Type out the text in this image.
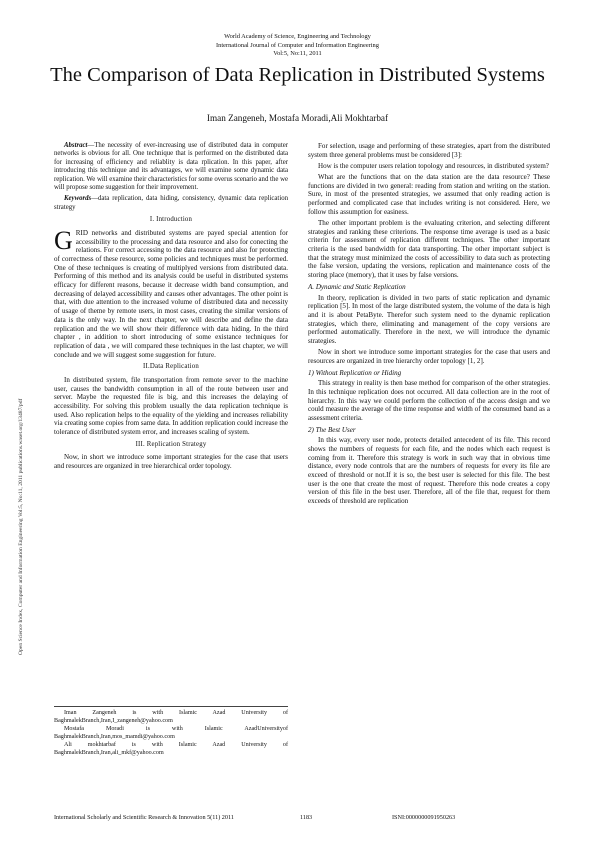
World Academy of Science, Engineering and Technology
International Journal of Computer and Information Engineering
Vol:5, No:11, 2011
The Comparison of Data Replication in Distributed Systems
Iman Zangeneh, Mostafa Moradi,Ali Mokhtarbaf
Open Science Index, Computer and Information Engineering Vol:5, No:11, 2011 publications.waset.org/13487/pdf

Abstract—The necessity of ever-increasing use of distributed data in computer networks is obvious for all. One technique that is performed on the distributed data for increasing of efficiency and reliablity is data rplication. In this paper, after introducing this technique and its advantages, we will examine some dynamic data replication. We will examine their characteristics for some overus scenario and the we will propose some suggestion for their improvement.

Keywords—data replication, data hiding, consistency, dynamic data replication strategy

I. Introduction

GRID networks and distributed systems are payed special attention for accessibility to the processing and data resource and also for conecting the relations. For correct accessing to the data resource and also for protecting of correctness of these resource, some policies and techniques must be performed. One of these techniques is creating of multiplyed versions from distributed data. Performing of this method and its analysis could be useful in distributed systems efficacy for different reasons, because it decrease width band consumption, and decreasing of delayed accessibility and causes other advantages. The other point is that, with due attention to the increased volume of distributed data and necessity of usage of theme by remote users, in most cases, creating the similar versions of data is the only way. In the next chapter, we will describe and define the data replication and the we will show their difference with data hiding. In the third chapter , in addition to short introducing of some existance techniques for replication of data , we will compared these techniques in the last chapter, we will conclude and we will suggest some suggestion for future.

II.Data Replication

In distributed system, file transportation from remote sever to the machine user, causes the bandwidth consumption in all of the route between user and server. Maybe the requested file is big, and this increases the delaying of accessibility. For solving this problem usually the data replication technique is used. Also replication helps to the equality of the yielding and increases reliability via creating some copies from same data. In addition replication could increase the tolerance of distributed system error, and increases scaling of system.

III. Replication Strategy

Now, in short we introduce some important strategies for the case that users and resources are organized in tree hierarchical order topology.

Iman Zangeneh is with Islamic Azad University of BaghmalekBranch,Iran,I_zangeneh@yahoo.com

Mostafa Moradi is with Islamic AzadUniversityof BaghmalekBranch,Iran,mos_mamdi@yahoo.com

Ali mokhtarbaf is with Islamic Azad University of BaghmalekBranch,Iran,ali_mkf@yahoo.com

For selection, usage and performing of these strategies, apart from the distributed system three general problems must be considered [3]:

How is the computer users relation topology and resources, in distributed system?

What are the functions that on the data station are the data resource? These functions are divided in two general: reading from station and writing on the station. Sure, in most of the presented strategies, we assumed that only reading action is performed and complicated case that includes writing is not considered. Here, we follow this assumption for easiness.

The other important problem is the evaluating criterion, and selecting different strategies and ranking these criterions. The response time average is used as a basic criterin for assessment of replication different techniques. The other important criteria is the used bandwidth for data transporting. The other important subject is that the strategy must minimized the costs of accessibility to data such as protecting the false version, updating the versions, replication and maintenance costs of the storing place (memory), that it uses by false versions.

A. Dynamic and Static Replication

In theory, replication is divided in two parts of static replication and dynamic replication [5]. In most of the large distributed system, the volume of the data is high and it is about PetaByte. Therefor such system need to the dynamic replication strategies, which there, eliminating and management of the copy versions are performed automatically. Therefore in the next, we will introduce the dynamic strategies.

Now in short we introduce some important strategies for the case that users and resources are organized in tree hierarchy order topology [1, 2].

1) Without Replication or Hiding

This strategy in reality is then base method for comparison of the other strategies. In this technique replication does not occurred. All data collection are in the root of hierarchy. In this way we could perform the collection of the access design and we could measure the average of the time response and width of the consumed band as a assessment criteria.

2) The Best User

In this way, every user node, protects detailed antecedent of its file. This record shows the numbers of requests for each file, and the nodes which each request is coming from it. Therefore this strategy is work in such way that in obvious time distance, every node controls that are the numbers of requests for every its file are exceed of threshold or not.If it is so, the best user is selected for this file. The best user is the one that create the most of request. Therefore this node creates a copy version of this file in the best user. Therefore, all of the file that, request for them exceeds of threshold are replication

International Scholarly and Scientific Research & Innovation 5(11) 2011	1183	ISNI:0000000091950263
